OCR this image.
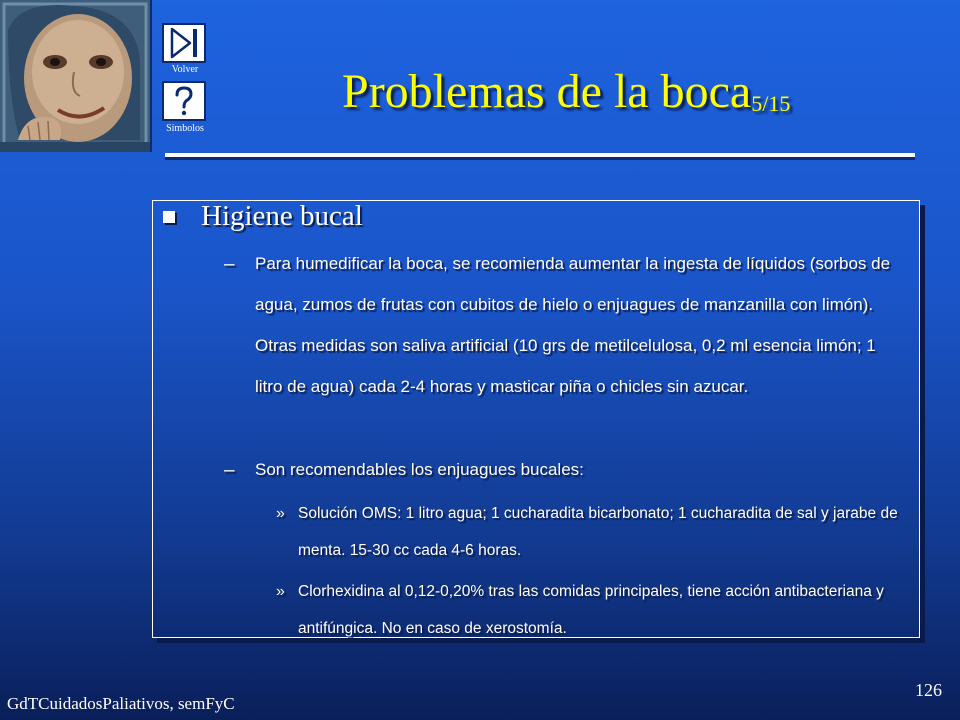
Volver
Símbolos
Problemas de la boca$_{5/15}$
Higiene bucal
– Para humedificar la boca, se recomienda aumentar la ingesta de líquidos (sorbos de agua, zumos de frutas con cubitos de hielo o enjuagues de manzanilla con limón). Otras medidas son saliva artificial (10 grs de metilcelulosa, 0,2 ml esencia limón; 1 litro de agua) cada 2-4 horas y masticar piña o chicles sin azucar.

– Son recomendables los enjuagues bucales:

» Solución OMS: 1 litro agua; 1 cucharadita bicarbonato; 1 cucharadita de sal y jarabe de menta. 15-30 cc cada 4-6 horas.

» Clorhexidina al 0,12-0,20% tras las comidas principales, tiene acción antibacteriana y antifúngica. No en caso de xerostomía.

GdTCuidadosPaliativos, semFyC
126
